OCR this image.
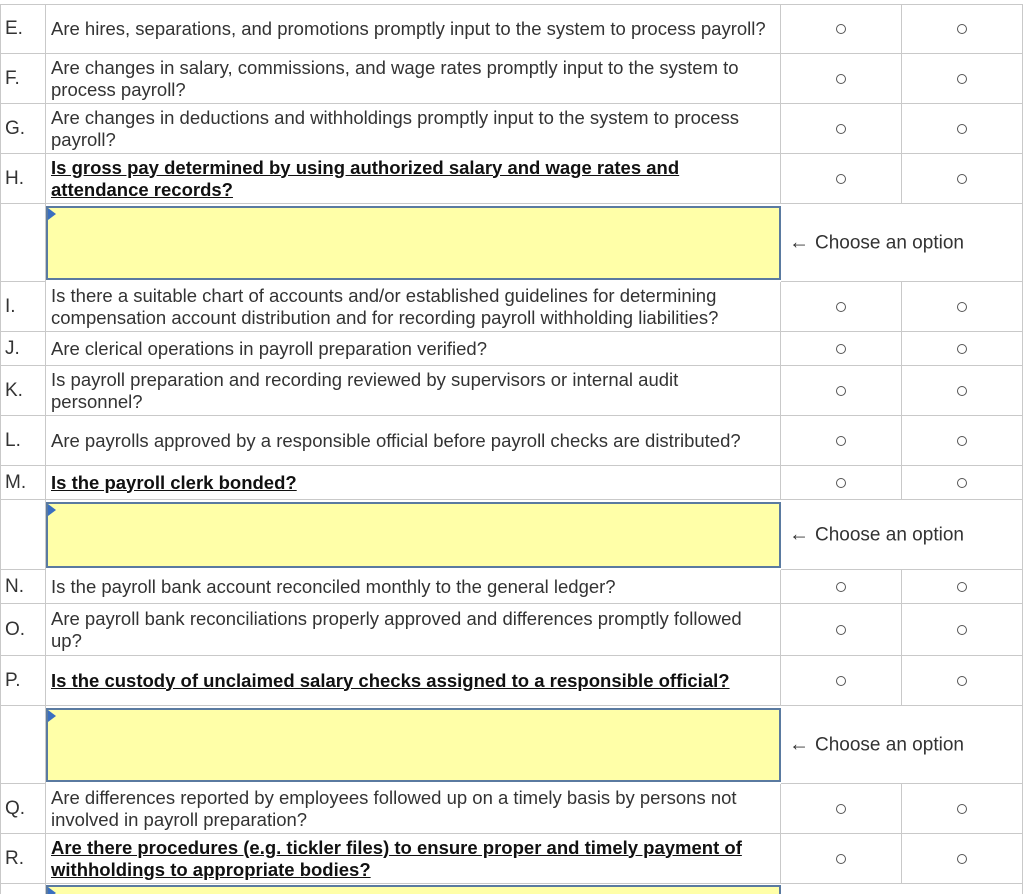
E. Are hires, separations, and promotions promptly input to the system to process payroll?
F.
Are changes in salary, commissions, and wage rates promptly input to the system to process payroll?
G.
Are changes in deductions and withholdings promptly input to the system to process payroll?
H.
Is gross pay determined by using authorized salary and wage rates and attendance records?
← Choose an option
I.
Is there a suitable chart of accounts and/or established guidelines for determining compensation account distribution and for recording payroll withholding liabilities?
J. Are clerical operations in payroll preparation verified?
K.
Is payroll preparation and recording reviewed by supervisors or internal audit personnel?
L. Are payrolls approved by a responsible official before payroll checks are distributed?
M. Is the payroll clerk bonded?
← Choose an option
N. Is the payroll bank account reconciled monthly to the general ledger?
O.
Are payroll bank reconciliations properly approved and differences promptly followed up?
P. Is the custody of unclaimed salary checks assigned to a responsible official?
← Choose an option
Q.
Are differences reported by employees followed up on a timely basis by persons not involved in payroll preparation?
R.
Are there procedures (e.g. tickler files) to ensure proper and timely payment of withholdings to appropriate bodies?
